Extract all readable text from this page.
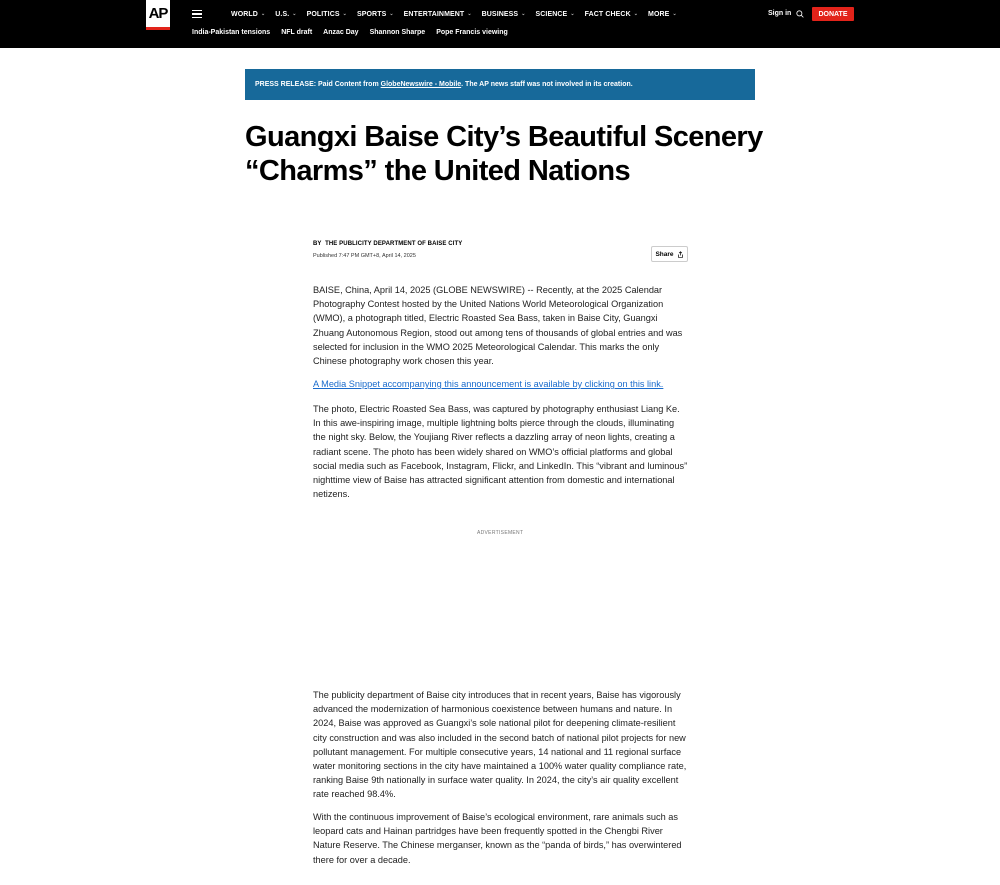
AP	WORLD ⌄ U.S. ⌄ POLITICS ⌄ SPORTS ⌄ ENTERTAINMENT ⌄ BUSINESS ⌄ SCIENCE ⌄ FACT CHECK ⌄ MORE ⌄	Sign in	DONATE
India-Pakistan tensions NFL draft Anzac Day Shannon Sharpe Pope Francis viewing
PRESS RELEASE: Paid Content from
GlobeNewswire - Mobile . The AP news staff was not involved in its creation.
Guangxi Baise City’s Beautiful Scenery “Charms” the United Nations
BY THE PUBLICITY DEPARTMENT OF BAISE CITY
Published 7:47 PM GMT+8, April 14, 2025	Share

BAISE, China, April 14, 2025 (GLOBE NEWSWIRE) -- Recently, at the 2025 Calendar Photography Contest hosted by the United Nations World Meteorological Organization (WMO), a photograph titled, Electric Roasted Sea Bass, taken in Baise City, Guangxi Zhuang Autonomous Region, stood out among tens of thousands of global entries and was selected for inclusion in the WMO 2025 Meteorological Calendar. This marks the only Chinese photography work chosen this year.

A Media Snippet accompanying this announcement is available by clicking on this link.

The photo, Electric Roasted Sea Bass, was captured by photography enthusiast Liang Ke. In this awe-inspiring image, multiple lightning bolts pierce through the clouds, illuminating the night sky. Below, the Youjiang River reflects a dazzling array of neon lights, creating a radiant scene. The photo has been widely shared on WMO’s official platforms and global social media such as Facebook, Instagram, Flickr, and LinkedIn. This “vibrant and luminous” nighttime view of Baise has attracted significant attention from domestic and international netizens.

ADVERTISEMENT

The publicity department of Baise city introduces that in recent years, Baise has vigorously advanced the modernization of harmonious coexistence between humans and nature. In 2024, Baise was approved as Guangxi’s sole national pilot for deepening climate-resilient city construction and was also included in the second batch of national pilot projects for new pollutant management. For multiple consecutive years, 14 national and 11 regional surface water monitoring sections in the city have maintained a 100% water quality compliance rate, ranking Baise 9th nationally in surface water quality. In 2024, the city’s air quality excellent rate reached 98.4%.

With the continuous improvement of Baise’s ecological environment, rare animals such as leopard cats and Hainan partridges have been frequently spotted in the Chengbi River Nature Reserve. The Chinese merganser, known as the “panda of birds,” has overwintered there for over a decade.
